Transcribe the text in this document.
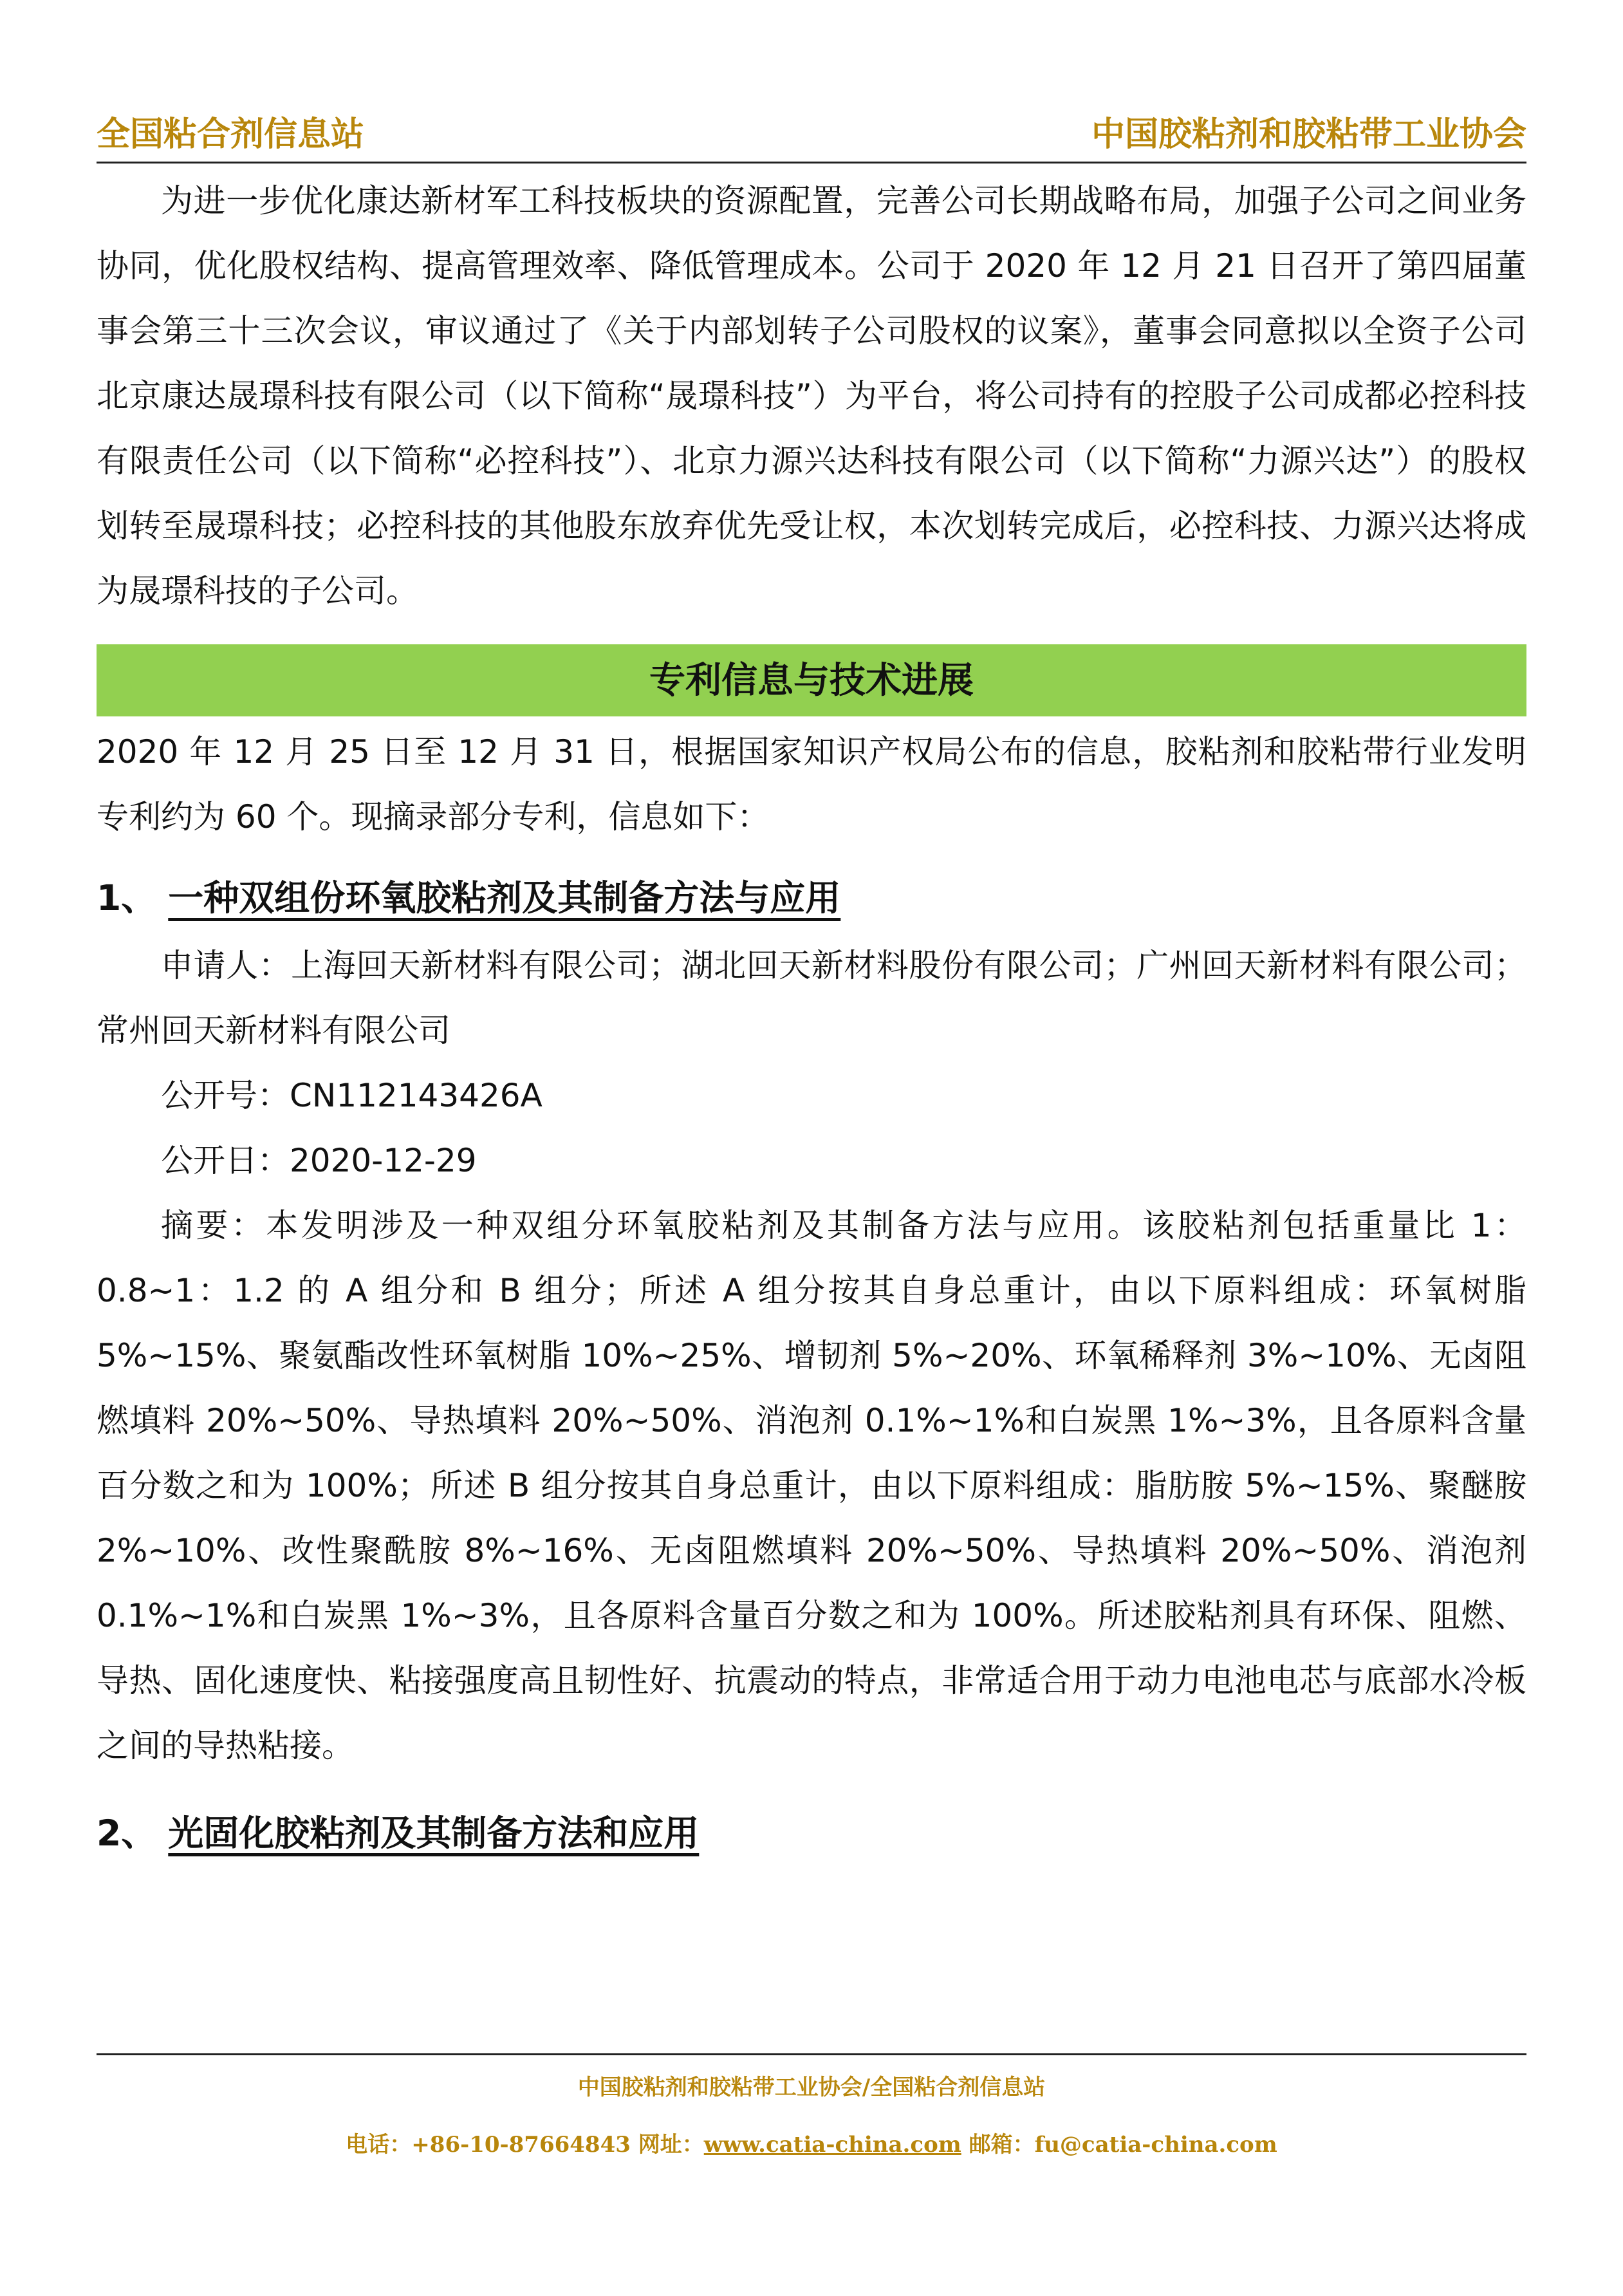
全国粘合剂信息站	中国胶粘剂和胶粘带工业协会

为进一步优化康达新材军工科技板块的资源配置，完善公司长期战略布局，加强子公司之间业务协同，优化股权结构、提高管理效率、降低管理成本。公司于 2020 年 12 月 21 日召开了第四届董事会第三十三次会议，审议通过了《关于内部划转子公司股权的议案》，董事会同意拟以全资子公司北京康达晟璟科技有限公司（以下简称“晟璟科技”）为平台，将公司持有的控股子公司成都必控科技有限责任公司（以下简称“必控科技”）、北京力源兴达科技有限公司（以下简称“力源兴达”）的股权划转至晟璟科技；必控科技的其他股东放弃优先受让权，本次划转完成后，必控科技、力源兴达将成为晟璟科技的子公司。

专利信息与技术进展

2020 年 12 月 25 日至 12 月 31 日，根据国家知识产权局公布的信息，胶粘剂和胶粘带行业发明专利约为 60 个。现摘录部分专利，信息如下：

1、 一种双组份环氧胶粘剂及其制备方法与应用

申请人：上海回天新材料有限公司；湖北回天新材料股份有限公司；广州回天新材料有限公司；常州回天新材料有限公司

公开号：CN112143426A

公开日：2020-12-29

摘要：本发明涉及一种双组分环氧胶粘剂及其制备方法与应用。该胶粘剂包括重量比 1：0.8~1：1.2 的 A 组分和 B 组分；所述 A 组分按其自身总重计，由以下原料组成：环氧树脂 5%~15%、聚氨酯改性环氧树脂 10%~25%、增韧剂 5%~20%、环氧稀释剂 3%~10%、无卤阻燃填料 20%~50%、导热填料 20%~50%、消泡剂 0.1%~1%和白炭黑 1%~3%，且各原料含量百分数之和为 100%；所述 B 组分按其自身总重计，由以下原料组成：脂肪胺 5%~15%、聚醚胺 2%~10%、改性聚酰胺 8%~16%、无卤阻燃填料 20%~50%、导热填料 20%~50%、消泡剂 0.1%~1%和白炭黑 1%~3%，且各原料含量百分数之和为 100%。所述胶粘剂具有环保、阻燃、导热、固化速度快、粘接强度高且韧性好、抗震动的特点，非常适合用于动力电池电芯与底部水冷板之间的导热粘接。

2、 光固化胶粘剂及其制备方法和应用
中国胶粘剂和胶粘带工业协会/全国粘合剂信息站
电话：+86-10-87664843 网址：www.catia-china.com 邮箱：fu@catia-china.com
